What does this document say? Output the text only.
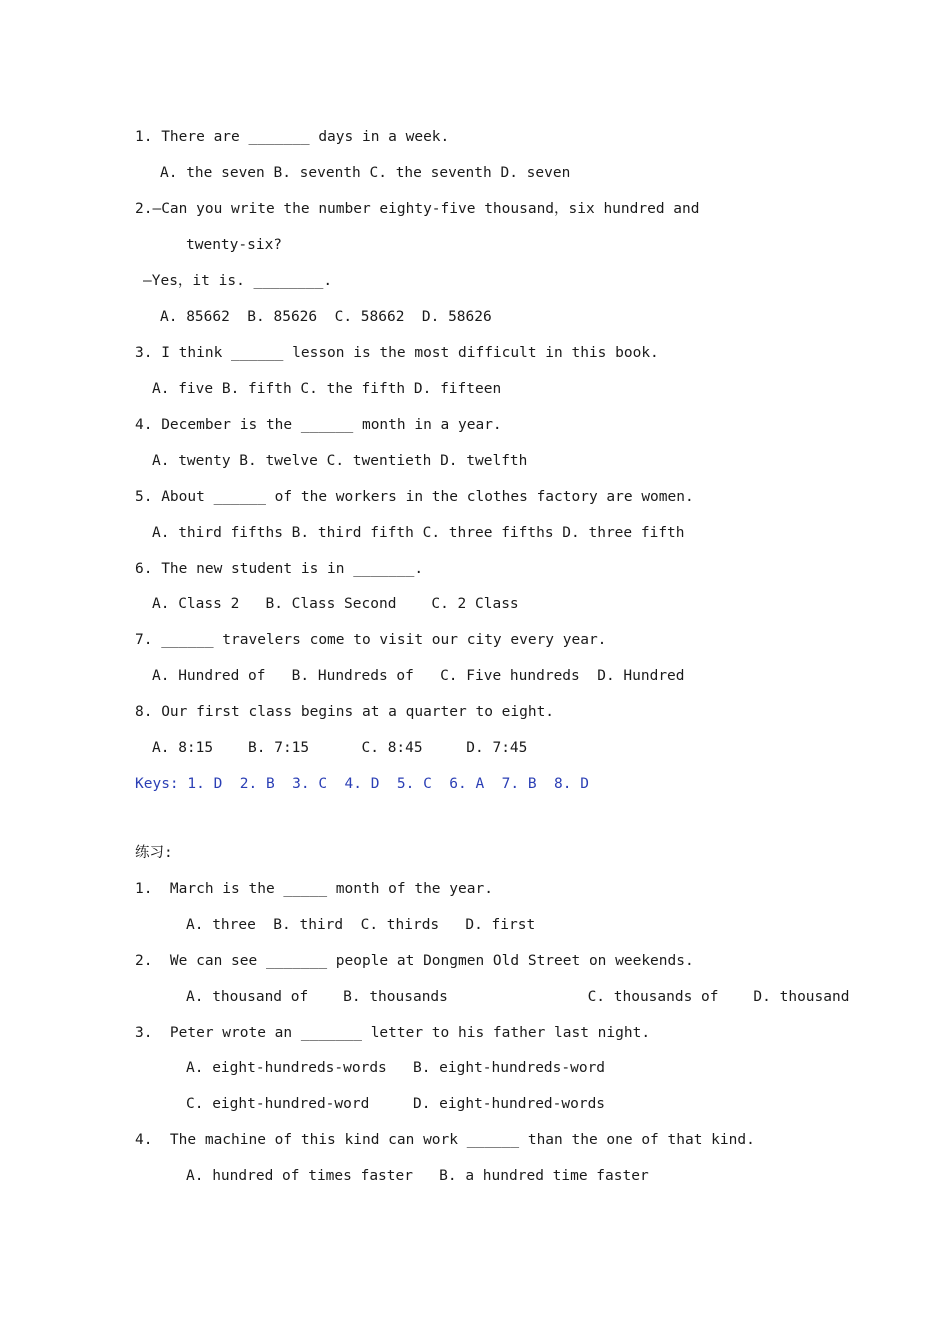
1. There are _______ days in a week.
A. the seven B. seventh C. the seventh D. seven
2.—Can you write the number eighty-five thousand，six hundred and
twenty-six?
—Yes，it is. ________.
A. 85662  B. 85626  C. 58662  D. 58626
3. I think ______ lesson is the most difficult in this book.
A. five B. fifth C. the fifth D. fifteen
4. December is the ______ month in a year.
A. twenty B. twelve C. twentieth D. twelfth
5. About ______ of the workers in the clothes factory are women.
A. third fifths B. third fifth C. three fifths D. three fifth
6. The new student is in _______.
A. Class 2   B. Class Second    C. 2 Class
7. ______ travelers come to visit our city every year.
A. Hundred of   B. Hundreds of   C. Five hundreds  D. Hundred
8. Our first class begins at a quarter to eight.
A. 8:15    B. 7:15      C. 8:45     D. 7:45
Keys: 1. D  2. B  3. C  4. D  5. C  6. A  7. B  8. D
练习:
1.  March is the _____ month of the year.
A. three  B. third  C. thirds   D. first
2.  We can see _______ people at Dongmen Old Street on weekends.
A. thousand of    B. thousands                C. thousands of    D. thousand
3.  Peter wrote an _______ letter to his father last night.
A. eight-hundreds-words   B. eight-hundreds-word
C. eight-hundred-word     D. eight-hundred-words
4.  The machine of this kind can work ______ than the one of that kind.
A. hundred of times faster   B. a hundred time faster
